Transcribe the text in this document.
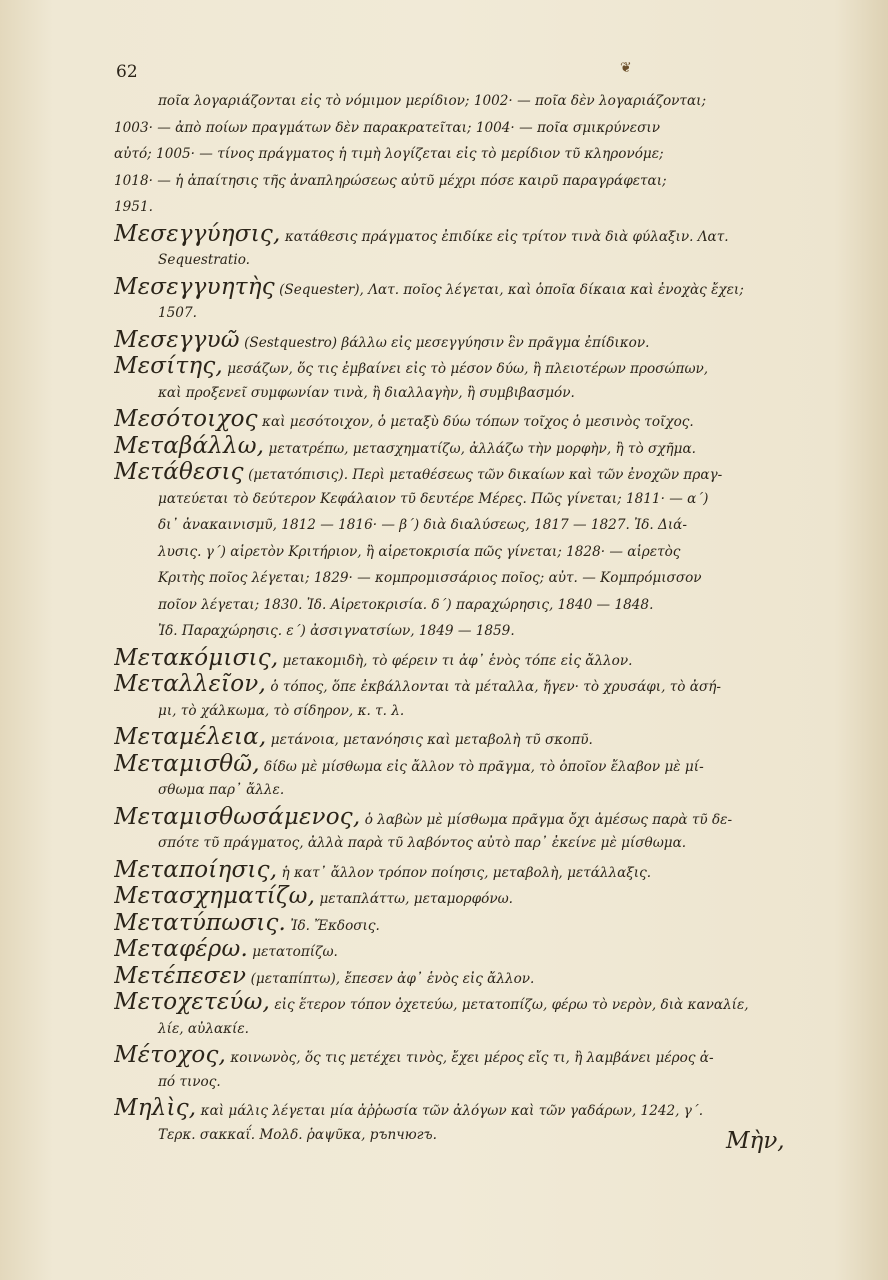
62	❦
ποῖα λογαριάζονται εἰς τὸ νόμιμον μερίδιον; 1002· — ποῖα δὲν λογαριάζονται;
1003· — ἀπὸ ποίων πραγμάτων δὲν παρακρατεῖται; 1004· — ποῖα σμικρύνεσιν
αὐτό; 1005· — τίνος πράγματος ἡ τιμὴ λογίζεται εἰς τὸ μερίδιον τῦ κληρονόμε;
1018· — ἡ ἀπαίτησις τῆς ἀναπληρώσεως αὐτῦ μέχρι πόσε καιρῦ παραγράφεται;
1951.
Μεσεγγύησις, κατάθεσις πράγματος ἐπιδίκε εἰς τρίτον τινὰ διὰ φύλαξιν. Λατ.
Sequestratio.
Μεσεγγυητὴς (Sequester), Λατ. ποῖος λέγεται, καὶ ὁποῖα δίκαια καὶ ἐνοχὰς ἔχει;
1507.
Μεσεγγυῶ (Sestquestro) βάλλω εἰς μεσεγγύησιν ἓν πρᾶγμα ἐπίδικον.
Μεσίτης, μεσάζων, ὅς τις ἐμβαίνει εἰς τὸ μέσον δύω, ἢ πλειοτέρων προσώπων,
καὶ προξενεῖ συμφωνίαν τινὰ, ἢ διαλλαγὴν, ἢ συμβιβασμόν.
Μεσότοιχος καὶ μεσότοιχον, ὁ μεταξὺ δύω τόπων τοῖχος ὁ μεσινὸς τοῖχος.
Μεταβάλλω, μετατρέπω, μετασχηματίζω, ἀλλάζω τὴν μορφὴν, ἢ τὸ σχῆμα.
Μετάθεσις (μετατόπισις). Περὶ μεταθέσεως τῶν δικαίων καὶ τῶν ἐνοχῶν πραγ-
ματεύεται τὸ δεύτερον Κεφάλαιον τῦ δευτέρε Μέρες. Πῶς γίνεται; 1811· — α΄)
δι᾽ ἀνακαινισμῦ, 1812 — 1816· — β΄) διὰ διαλύσεως, 1817 — 1827. Ἰδ. Διά-
λυσις. γ΄) αἱρετὸν Κριτήριον, ἢ αἱρετοκρισία πῶς γίνεται; 1828· — αἱρετὸς
Κριτὴς ποῖος λέγεται; 1829· — κομπρομισσάριος ποῖος; αὐτ. — Κομπρόμισσον
ποῖον λέγεται; 1830. Ἰδ. Αἱρετοκρισία. δ΄) παραχώρησις, 1840 — 1848.
Ἰδ. Παραχώρησις. ε΄) ἀσσιγνατσίων, 1849 — 1859.
Μετακόμισις, μετακομιδὴ, τὸ φέρειν τι ἀφ᾽ ἑνὸς τόπε εἰς ἄλλον.
Μεταλλεῖον, ὁ τόπος, ὅπε ἐκβάλλονται τὰ μέταλλα, ἤγεν· τὸ χρυσάφι, τὸ ἀσή-
μι, τὸ χάλκωμα, τὸ σίδηρον, κ. τ. λ.
Μεταμέλεια, μετάνοια, μετανόησις καὶ μεταβολὴ τῦ σκοπῦ.
Μεταμισθῶ, δίδω μὲ μίσθωμα εἰς ἄλλον τὸ πρᾶγμα, τὸ ὁποῖον ἔλαβον μὲ μί-
σθωμα παρ᾽ ἄλλε.
Μεταμισθωσάμενος, ὁ λαβὼν μὲ μίσθωμα πρᾶγμα ὄχι ἀμέσως παρὰ τῦ δε-
σπότε τῦ πράγματος, ἀλλὰ παρὰ τῦ λαβόντος αὐτὸ παρ᾽ ἐκείνε μὲ μίσθωμα.
Μεταποίησις, ἡ κατ᾽ ἄλλον τρόπον ποίησις, μεταβολὴ, μετάλλαξις.
Μετασχηματίζω, μεταπλάττω, μεταμορφόνω.
Μετατύπωσις. Ἰδ. Ἔκδοσις.
Μεταφέρω. μετατοπίζω.
Μετέπεσεν (μεταπίπτω), ἔπεσεν ἀφ᾽ ἑνὸς εἰς ἄλλον.
Μετοχετεύω, εἰς ἕτερον τόπον ὀχετεύω, μετατοπίζω, φέρω τὸ νερὸν, διὰ καναλίε,
λίε, αὐλακίε.
Μέτοχος, κοινωνὸς, ὅς τις μετέχει τινὸς, ἔχει μέρος εἴς τι, ἢ λαμβάνει μέρος ἀ-
πό τινος.
Μηλὶς, καὶ μάλις λέγεται μία ἀῤῥωσία τῶν ἀλόγων καὶ τῶν γαδάρων, 1242, γ΄.
Τερκ. σακκαΐ. Μολδ. ῥαψῦκα, ръпчюгъ.	Μὴν,
